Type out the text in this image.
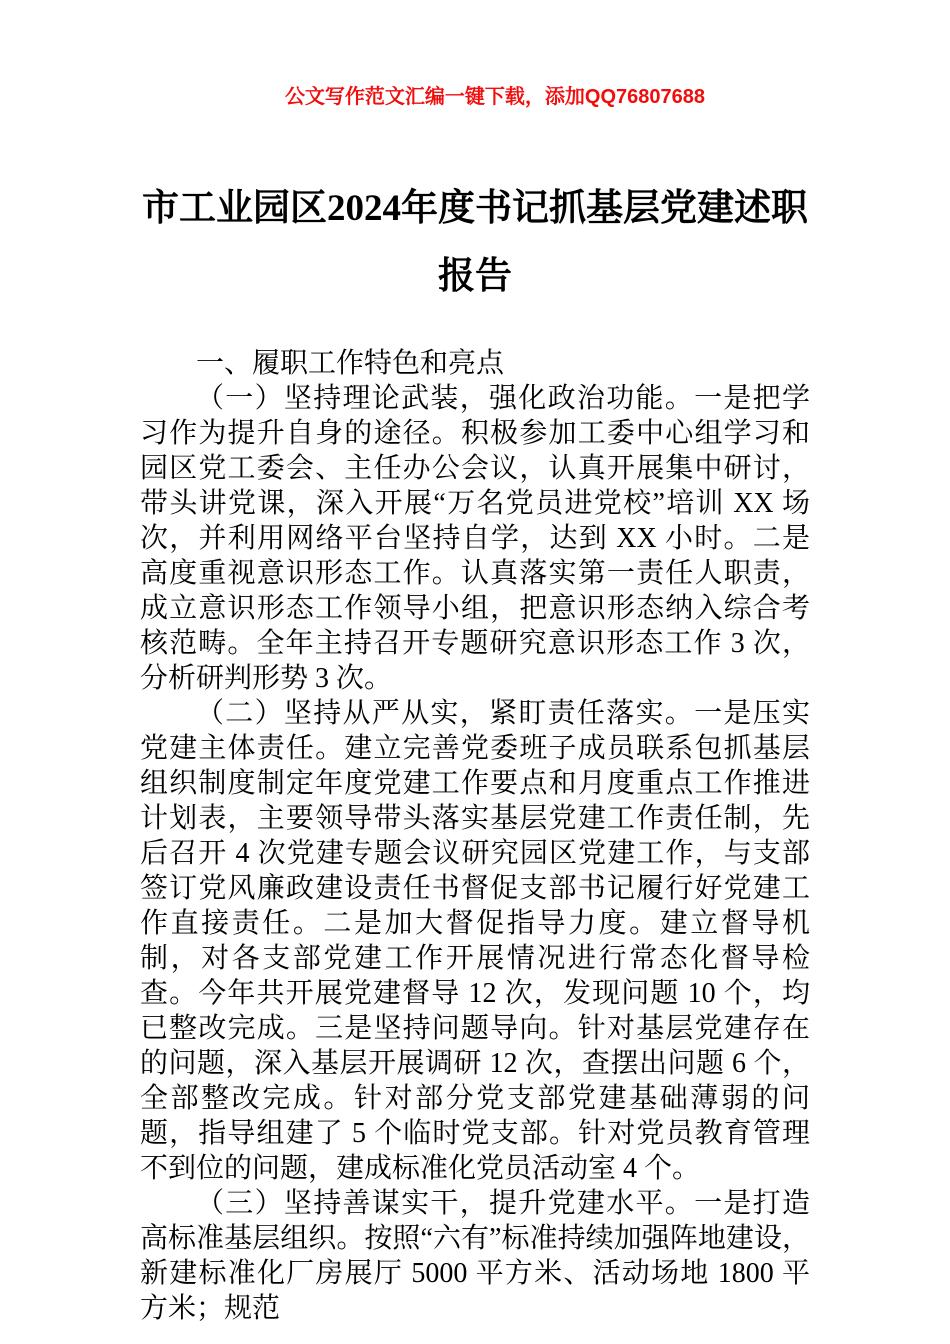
公文写作范文汇编一键下载，添加QQ76807688
市工业园区2024年度书记抓基层党建述职
报告

一、履职工作特色和亮点

（一）坚持理论武装，强化政治功能。一是把学习作为提升自身的途径。积极参加工委中心组学习和园区党工委会、主任办公会议，认真开展集中研讨，带头讲党课，深入开展“万名党员进党校”培训 XX 场次，并利用网络平台坚持自学，达到 XX 小时。二是高度重视意识形态工作。认真落实第一责任人职责，成立意识形态工作领导小组，把意识形态纳入综合考核范畴。全年主持召开专题研究意识形态工作 3 次，分析研判形势 3 次。

（二）坚持从严从实，紧盯责任落实。一是压实党建主体责任。建立完善党委班子成员联系包抓基层组织制度制定年度党建工作要点和月度重点工作推进计划表，主要领导带头落实基层党建工作责任制，先后召开 4 次党建专题会议研究园区党建工作，与支部签订党风廉政建设责任书督促支部书记履行好党建工作直接责任。二是加大督促指导力度。建立督导机制，对各支部党建工作开展情况进行常态化督导检查。今年共开展党建督导 12 次，发现问题 10 个，均已整改完成。三是坚持问题导向。针对基层党建存在的问题，深入基层开展调研 12 次，查摆出问题 6 个，全部整改完成。针对部分党支部党建基础薄弱的问题，指导组建了 5 个临时党支部。针对党员教育管理不到位的问题，建成标准化党员活动室 4 个。

（三）坚持善谋实干，提升党建水平。一是打造高标准基层组织。按照“六有”标准持续加强阵地建设，新建标准化厂房展厅 5000 平方米、活动场地 1800 平方米；规范
